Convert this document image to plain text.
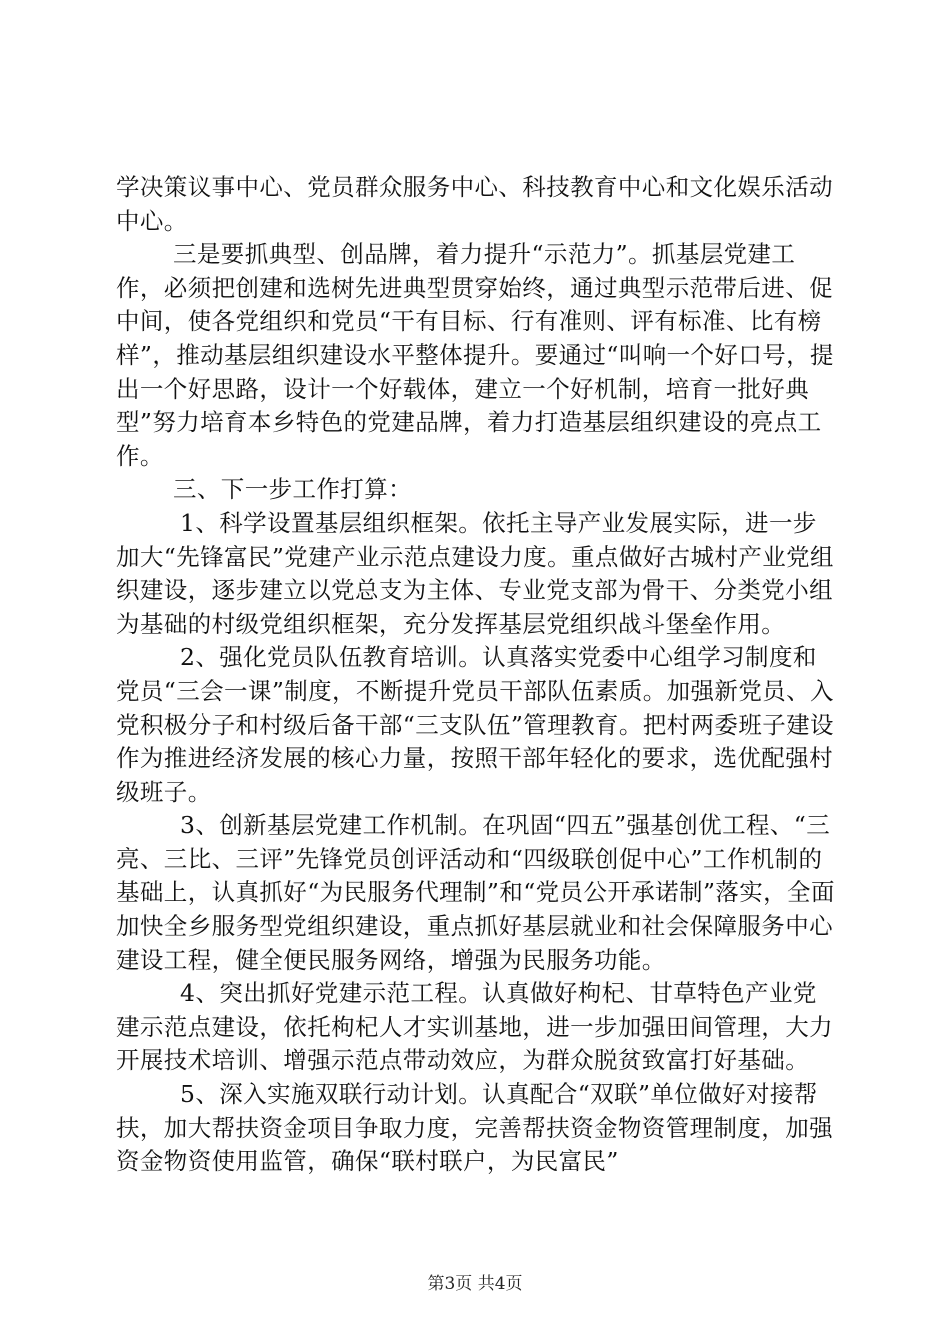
学决策议事中心、党员群众服务中心、科技教育中心和文化娱乐活动中心。

三是要抓典型、创品牌，着力提升“示范力”。抓基层党建工作，必须把创建和选树先进典型贯穿始终，通过典型示范带后进、促中间，使各党组织和党员“干有目标、行有准则、评有标准、比有榜样”，推动基层组织建设水平整体提升。要通过“叫响一个好口号，提出一个好思路，设计一个好载体，建立一个好机制，培育一批好典型”努力培育本乡特色的党建品牌，着力打造基层组织建设的亮点工作。

三、下一步工作打算：

1、科学设置基层组织框架。依托主导产业发展实际，进一步加大“先锋富民”党建产业示范点建设力度。重点做好古城村产业党组织建设，逐步建立以党总支为主体、专业党支部为骨干、分类党小组为基础的村级党组织框架，充分发挥基层党组织战斗堡垒作用。

2、强化党员队伍教育培训。认真落实党委中心组学习制度和党员“三会一课”制度，不断提升党员干部队伍素质。加强新党员、入党积极分子和村级后备干部“三支队伍”管理教育。把村两委班子建设作为推进经济发展的核心力量，按照干部年轻化的要求，选优配强村级班子。

3、创新基层党建工作机制。在巩固“四五”强基创优工程、“三亮、三比、三评”先锋党员创评活动和“四级联创促中心”工作机制的基础上，认真抓好“为民服务代理制”和“党员公开承诺制”落实，全面加快全乡服务型党组织建设，重点抓好基层就业和社会保障服务中心建设工程，健全便民服务网络，增强为民服务功能。

4、突出抓好党建示范工程。认真做好枸杞、甘草特色产业党建示范点建设，依托枸杞人才实训基地，进一步加强田间管理，大力开展技术培训、增强示范点带动效应，为群众脱贫致富打好基础。

5、深入实施双联行动计划。认真配合“双联”单位做好对接帮扶，加大帮扶资金项目争取力度，完善帮扶资金物资管理制度，加强资金物资使用监管，确保“联村联户，为民富民”

第3页 共4页
